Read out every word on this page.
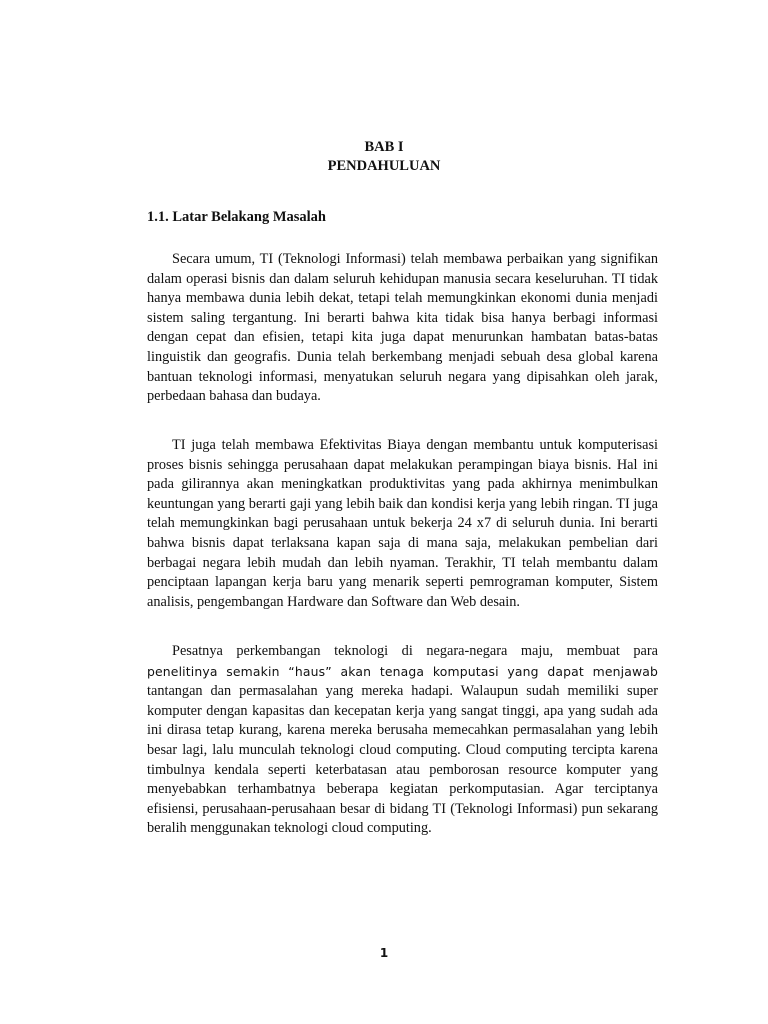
BAB I
PENDAHULUAN
1.1. Latar Belakang Masalah

Secara umum, TI (Teknologi Informasi) telah membawa perbaikan yang signifikan dalam operasi bisnis dan dalam seluruh kehidupan manusia secara keseluruhan. TI tidak hanya membawa dunia lebih dekat, tetapi telah memungkinkan ekonomi dunia menjadi sistem saling tergantung. Ini berarti bahwa kita tidak bisa hanya berbagi informasi dengan cepat dan efisien, tetapi kita juga dapat menurunkan hambatan batas-batas linguistik dan geografis. Dunia telah berkembang menjadi sebuah desa global karena bantuan teknologi informasi, menyatukan seluruh negara yang dipisahkan oleh jarak, perbedaan bahasa dan budaya.

TI juga telah membawa Efektivitas Biaya dengan membantu untuk komputerisasi proses bisnis sehingga perusahaan dapat melakukan perampingan biaya bisnis. Hal ini pada gilirannya akan meningkatkan produktivitas yang pada akhirnya menimbulkan keuntungan yang berarti gaji yang lebih baik dan kondisi kerja yang lebih ringan. TI juga telah memungkinkan bagi perusahaan untuk bekerja 24 x7 di seluruh dunia. Ini berarti bahwa bisnis dapat terlaksana kapan saja di mana saja, melakukan pembelian dari berbagai negara lebih mudah dan lebih nyaman. Terakhir, TI telah membantu dalam penciptaan lapangan kerja baru yang menarik seperti pemrograman komputer, Sistem analisis, pengembangan Hardware dan Software dan Web desain.

Pesatnya perkembangan teknologi di negara-negara maju, membuat para penelitinya semakin “haus” akan tenaga komputasi yang dapat menjawab tantangan dan permasalahan yang mereka hadapi. Walaupun sudah memiliki super komputer dengan kapasitas dan kecepatan kerja yang sangat tinggi, apa yang sudah ada ini dirasa tetap kurang, karena mereka berusaha memecahkan permasalahan yang lebih besar lagi, lalu munculah teknologi cloud computing. Cloud computing tercipta karena timbulnya kendala seperti keterbatasan atau pemborosan resource komputer yang menyebabkan terhambatnya beberapa kegiatan perkomputasian. Agar terciptanya efisiensi, perusahaan-perusahaan besar di bidang TI (Teknologi Informasi) pun sekarang beralih menggunakan teknologi cloud computing.

1
